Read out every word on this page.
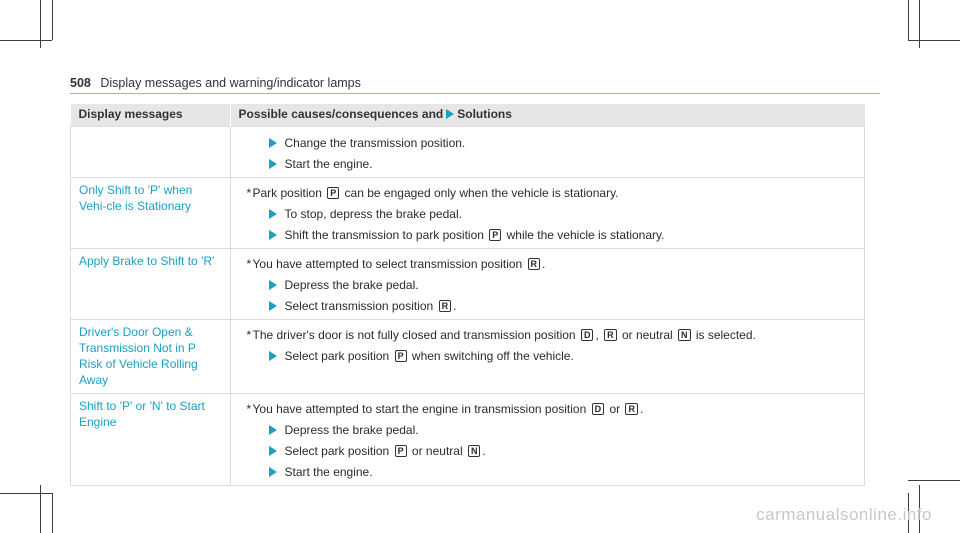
508 Display messages and warning/indicator lamps
Display messages	Possible causes/consequences and Solutions

Change the transmission position.
Start the engine.

Only Shift to 'P' when Vehi-cle is Stationary	* Park position P can be engaged only when the vehicle is stationary.
To stop, depress the brake pedal.
Shift the transmission to park position P while the vehicle is stationary.

Apply Brake to Shift to 'R'	* You have attempted to select transmission position R .
Depress the brake pedal.
Select transmission position R .

Driver's Door Open & Transmission Not in P Risk of Vehicle Rolling Away	* The driver's door is not fully closed and transmission position D , R or neutral N is selected.
Select park position P when switching off the vehicle.

Shift to 'P' or 'N' to Start Engine	* You have attempted to start the engine in transmission position D or R .
Depress the brake pedal.
Select park position P or neutral N .
Start the engine.
carmanualsonline.info
